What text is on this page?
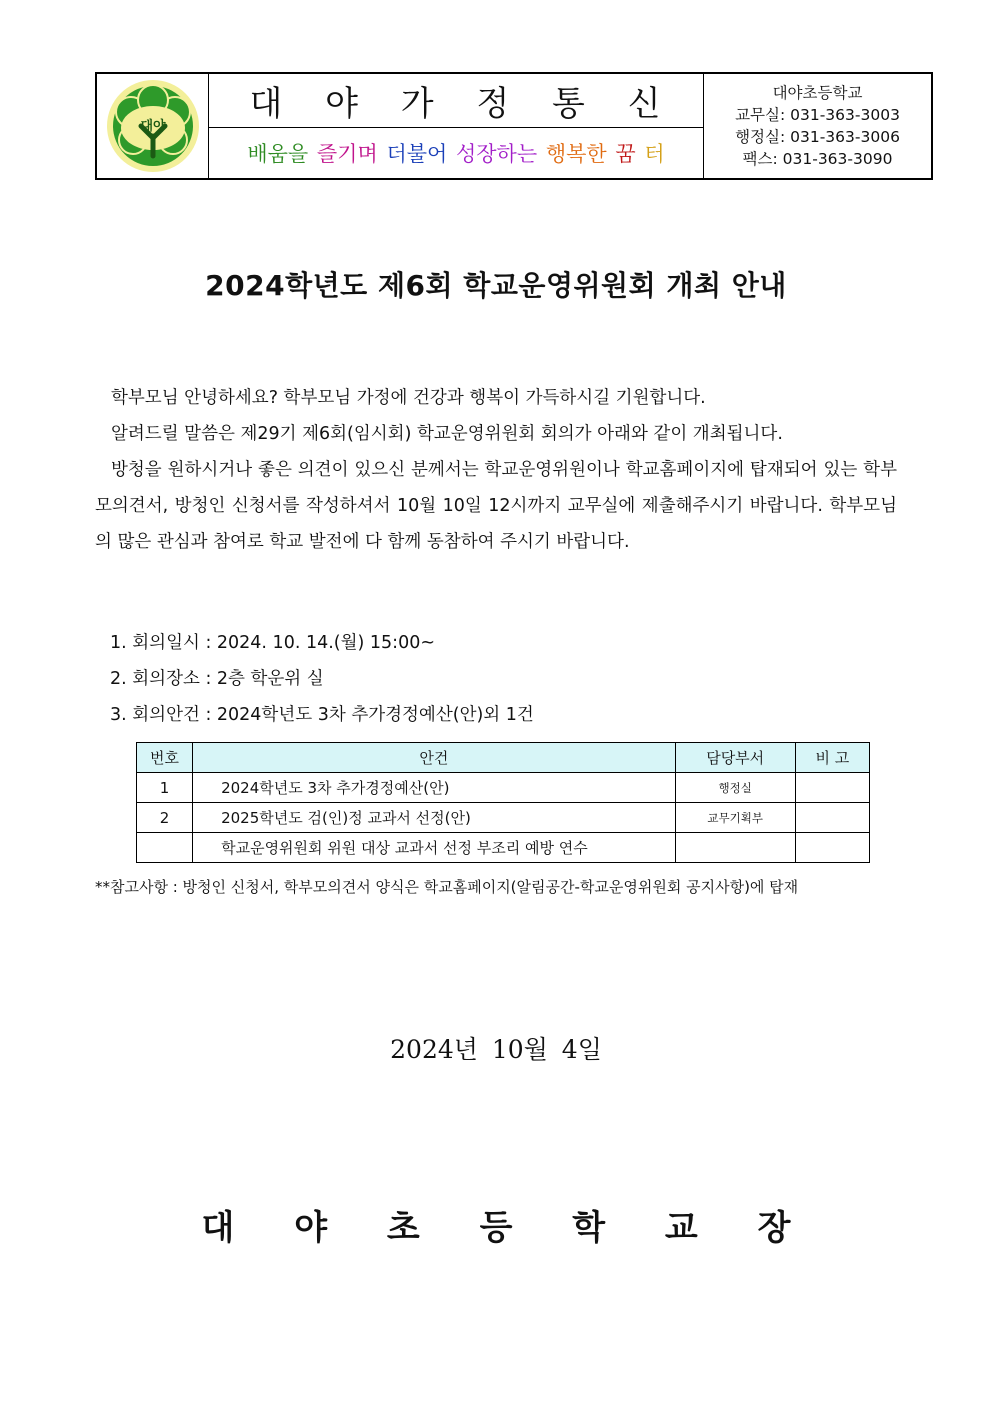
대야
대 야 가 정 통 신
배움을
즐기며
더불어
성장하는
행복한
꿈
터
대야초등학교
교무실: 031-363-3003
행정실: 031-363-3006
팩스: 031-363-3090
2024학년도 제6회 학교운영위원회 개최 안내

학부모님 안녕하세요? 학부모님 가정에 건강과 행복이 가득하시길 기원합니다.

알려드릴 말씀은 제29기 제6회(임시회) 학교운영위원회 회의가 아래와 같이 개최됩니다.

방청을 원하시거나 좋은 의견이 있으신 분께서는 학교운영위원이나 학교홈페이지에 탑재되어 있는 학부모의견서, 방청인 신청서를 작성하셔서 10월 10일 12시까지 교무실에 제출해주시기 바랍니다. 학부모님의 많은 관심과 참여로 학교 발전에 다 함께 동참하여 주시기 바랍니다.

1. 회의일시 : 2024. 10. 14.(월) 15:00~
2. 회의장소 : 2층 학운위 실
3. 회의안건 : 2024학년도 3차 추가경정예산(안)외 1건
번호	안건	담당부서	비 고
1	2024학년도 3차 추가경정예산(안)	행정실	
2	2025학년도 검(인)정 교과서 선정(안)	교무기획부	
	학교운영위원회 위원 대상 교과서 선정 부조리 예방 연수		
**참고사항 : 방청인 신청서, 학부모의견서 양식은 학교홈페이지(알림공간-학교운영위원회 공지사항)에 탑재
2024년 10월 4일
대 야 초 등 학 교 장
